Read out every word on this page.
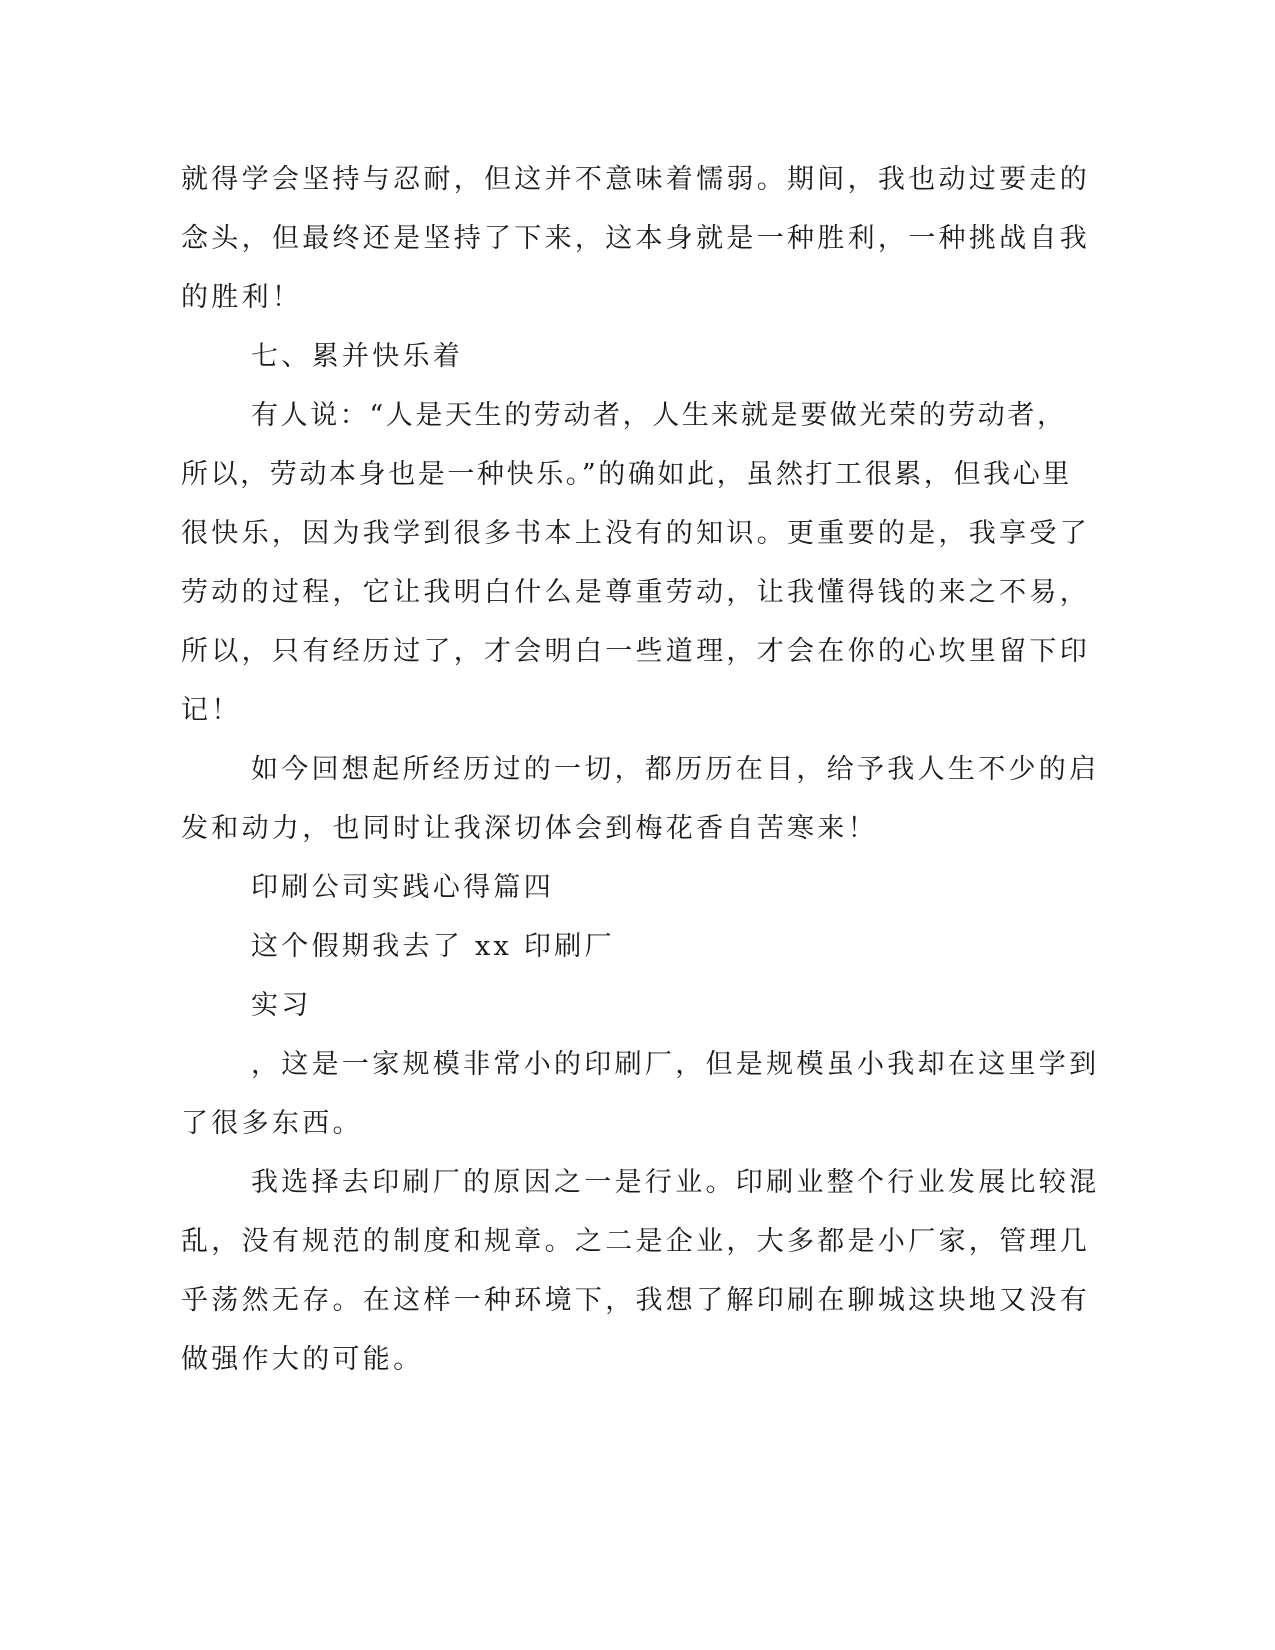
就得学会坚持与忍耐，但这并不意味着懦弱。期间，我也动过要走的
念头，但最终还是坚持了下来，这本身就是一种胜利，一种挑战自我
的胜利！
七、累并快乐着
有人说：“人是天生的劳动者，人生来就是要做光荣的劳动者，
所以，劳动本身也是一种快乐。”的确如此，虽然打工很累，但我心里
很快乐，因为我学到很多书本上没有的知识。更重要的是，我享受了
劳动的过程，它让我明白什么是尊重劳动，让我懂得钱的来之不易，
所以，只有经历过了，才会明白一些道理，才会在你的心坎里留下印
记！
如今回想起所经历过的一切，都历历在目，给予我人生不少的启
发和动力，也同时让我深切体会到梅花香自苦寒来！
印刷公司实践心得篇四
这个假期我去了 xx 印刷厂
实习
，这是一家规模非常小的印刷厂，但是规模虽小我却在这里学到
了很多东西。
我选择去印刷厂的原因之一是行业。印刷业整个行业发展比较混
乱，没有规范的制度和规章。之二是企业，大多都是小厂家，管理几
乎荡然无存。在这样一种环境下，我想了解印刷在聊城这块地又没有
做强作大的可能。
